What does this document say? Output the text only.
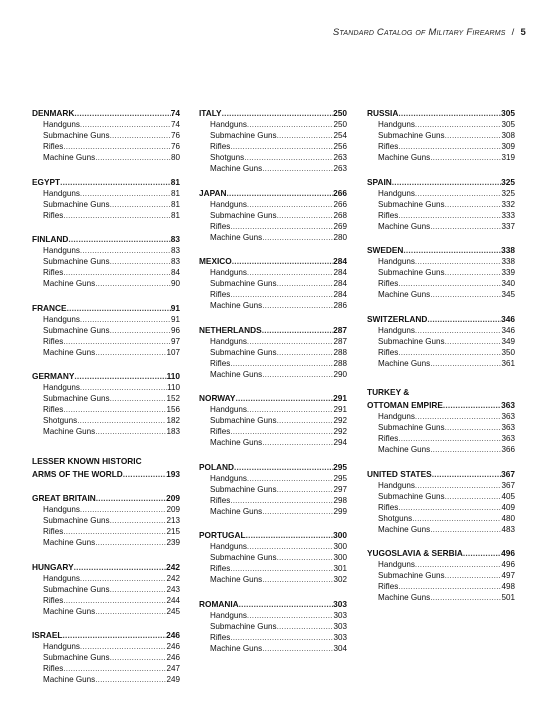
Standard Catalog of Military Firearms / 5
DENMARK .....	74
Handguns .....	74
Submachine Guns .....	76
Rifles .....	76
Machine Guns .....	80
EGYPT .....	81
Handguns .....	81
Submachine Guns .....	81
Rifles .....	81
FINLAND .....	83
Handguns .....	83
Submachine Guns .....	83
Rifles .....	84
Machine Guns .....	90
FRANCE .....	91
Handguns .....	91
Submachine Guns .....	96
Rifles .....	97
Machine Guns .....	107
GERMANY .....	110
Handguns .....	110
Submachine Guns .....	152
Rifles .....	156
Shotguns .....	182
Machine Guns .....	183
LESSER KNOWN HISTORIC
ARMS OF THE WORLD .....	193
GREAT BRITAIN .....	209
Handguns .....	209
Submachine Guns .....	213
Rifles .....	215
Machine Guns .....	239
HUNGARY .....	242
Handguns .....	242
Submachine Guns .....	243
Rifles .....	244
Machine Guns .....	245
ISRAEL .....	246
Handguns .....	246
Submachine Guns .....	246
Rifles .....	247
Machine Guns .....	249
ITALY .....	250
Handguns .....	250
Submachine Guns .....	254
Rifles .....	256
Shotguns .....	263
Machine Guns .....	263
JAPAN .....	266
Handguns .....	266
Submachine Guns .....	268
Rifles .....	269
Machine Guns .....	280
MEXICO .....	284
Handguns .....	284
Submachine Guns .....	284
Rifles .....	284
Machine Guns .....	286
NETHERLANDS .....	287
Handguns .....	287
Submachine Guns .....	288
Rifles .....	288
Machine Guns .....	290
NORWAY .....	291
Handguns .....	291
Submachine Guns .....	292
Rifles .....	292
Machine Guns .....	294
POLAND .....	295
Handguns .....	295
Submachine Guns .....	297
Rifles .....	298
Machine Guns .....	299
PORTUGAL .....	300
Handguns .....	300
Submachine Guns .....	300
Rifles .....	301
Machine Guns .....	302
ROMANIA .....	303
Handguns .....	303
Submachine Guns .....	303
Rifles .....	303
Machine Guns .....	304
RUSSIA .....	305
Handguns .....	305
Submachine Guns .....	308
Rifles .....	309
Machine Guns .....	319
SPAIN .....	325
Handguns .....	325
Submachine Guns .....	332
Rifles .....	333
Machine Guns .....	337
SWEDEN .....	338
Handguns .....	338
Submachine Guns .....	339
Rifles .....	340
Machine Guns .....	345
SWITZERLAND .....	346
Handguns .....	346
Submachine Guns .....	349
Rifles .....	350
Machine Guns .....	361
TURKEY &
OTTOMAN EMPIRE .....	363
Handguns .....	363
Submachine Guns .....	363
Rifles .....	363
Machine Guns .....	366
UNITED STATES .....	367
Handguns .....	367
Submachine Guns .....	405
Rifles .....	409
Shotguns .....	480
Machine Guns .....	483
YUGOSLAVIA & SERBIA .....	496
Handguns .....	496
Submachine Guns .....	497
Rifles .....	498
Machine Guns .....	501
